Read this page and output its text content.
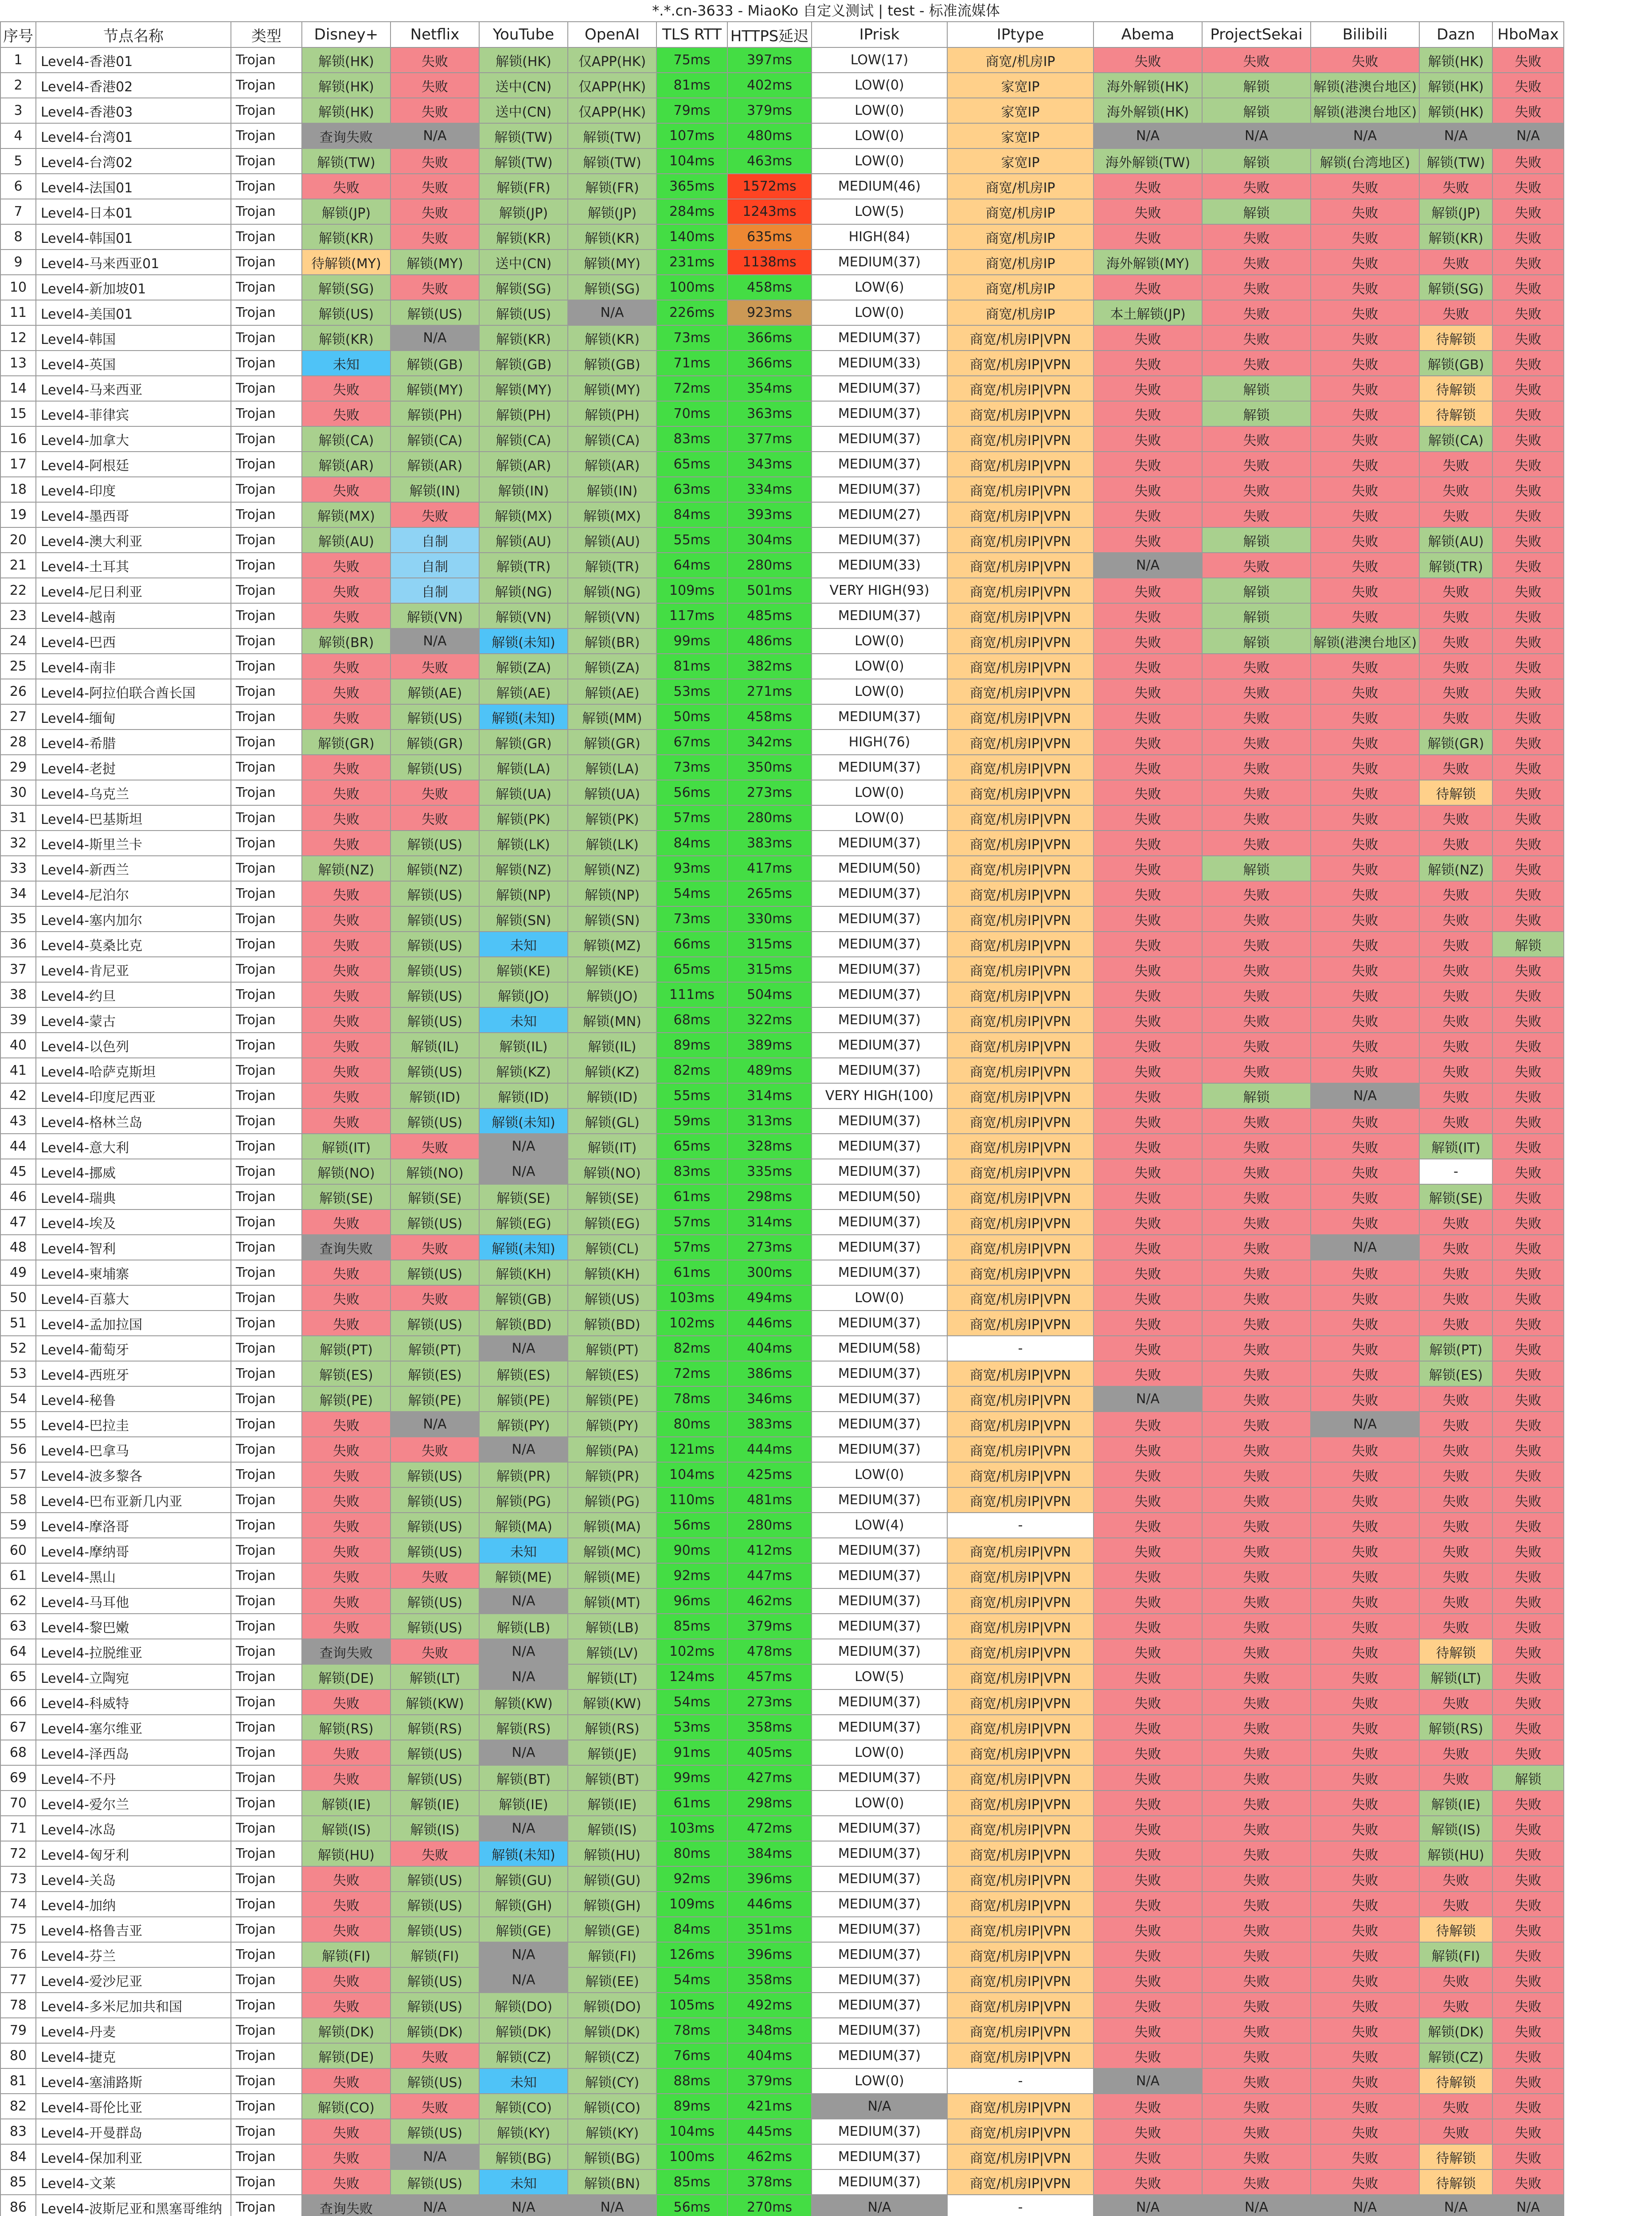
*.*.cn-3633 - MiaoKo 自定义测试 | test - 标准流媒体
序号	节点名称	类型	Disney+	Netflix	YouTube	OpenAI	TLS RTT	HTTPS延迟	IPrisk	IPtype	Abema	ProjectSekai	Bilibili	Dazn	HboMax
1	Level4-香港01	Trojan	解锁(HK)	失败	解锁(HK)	仅APP(HK)	75ms	397ms	LOW(17)	商宽/机房IP	失败	失败	失败	解锁(HK)	失败
2	Level4-香港02	Trojan	解锁(HK)	失败	送中(CN)	仅APP(HK)	81ms	402ms	LOW(0)	家宽IP	海外解锁(HK)	解锁	解锁(港澳台地区)	解锁(HK)	失败
3	Level4-香港03	Trojan	解锁(HK)	失败	送中(CN)	仅APP(HK)	79ms	379ms	LOW(0)	家宽IP	海外解锁(HK)	解锁	解锁(港澳台地区)	解锁(HK)	失败
4	Level4-台湾01	Trojan	查询失败	N/A	解锁(TW)	解锁(TW)	107ms	480ms	LOW(0)	家宽IP	N/A	N/A	N/A	N/A	N/A
5	Level4-台湾02	Trojan	解锁(TW)	失败	解锁(TW)	解锁(TW)	104ms	463ms	LOW(0)	家宽IP	海外解锁(TW)	解锁	解锁(台湾地区)	解锁(TW)	失败
6	Level4-法国01	Trojan	失败	失败	解锁(FR)	解锁(FR)	365ms	1572ms	MEDIUM(46)	商宽/机房IP	失败	失败	失败	失败	失败
7	Level4-日本01	Trojan	解锁(JP)	失败	解锁(JP)	解锁(JP)	284ms	1243ms	LOW(5)	商宽/机房IP	失败	解锁	失败	解锁(JP)	失败
8	Level4-韩国01	Trojan	解锁(KR)	失败	解锁(KR)	解锁(KR)	140ms	635ms	HIGH(84)	商宽/机房IP	失败	失败	失败	解锁(KR)	失败
9	Level4-马来西亚01	Trojan	待解锁(MY)	解锁(MY)	送中(CN)	解锁(MY)	231ms	1138ms	MEDIUM(37)	商宽/机房IP	海外解锁(MY)	失败	失败	失败	失败
10	Level4-新加坡01	Trojan	解锁(SG)	失败	解锁(SG)	解锁(SG)	100ms	458ms	LOW(6)	商宽/机房IP	失败	失败	失败	解锁(SG)	失败
11	Level4-美国01	Trojan	解锁(US)	解锁(US)	解锁(US)	N/A	226ms	923ms	LOW(0)	商宽/机房IP	本土解锁(JP)	失败	失败	失败	失败
12	Level4-韩国	Trojan	解锁(KR)	N/A	解锁(KR)	解锁(KR)	73ms	366ms	MEDIUM(37)	商宽/机房IP|VPN	失败	失败	失败	待解锁	失败
13	Level4-英国	Trojan	未知	解锁(GB)	解锁(GB)	解锁(GB)	71ms	366ms	MEDIUM(33)	商宽/机房IP|VPN	失败	失败	失败	解锁(GB)	失败
14	Level4-马来西亚	Trojan	失败	解锁(MY)	解锁(MY)	解锁(MY)	72ms	354ms	MEDIUM(37)	商宽/机房IP|VPN	失败	解锁	失败	待解锁	失败
15	Level4-菲律宾	Trojan	失败	解锁(PH)	解锁(PH)	解锁(PH)	70ms	363ms	MEDIUM(37)	商宽/机房IP|VPN	失败	解锁	失败	待解锁	失败
16	Level4-加拿大	Trojan	解锁(CA)	解锁(CA)	解锁(CA)	解锁(CA)	83ms	377ms	MEDIUM(37)	商宽/机房IP|VPN	失败	失败	失败	解锁(CA)	失败
17	Level4-阿根廷	Trojan	解锁(AR)	解锁(AR)	解锁(AR)	解锁(AR)	65ms	343ms	MEDIUM(37)	商宽/机房IP|VPN	失败	失败	失败	失败	失败
18	Level4-印度	Trojan	失败	解锁(IN)	解锁(IN)	解锁(IN)	63ms	334ms	MEDIUM(37)	商宽/机房IP|VPN	失败	失败	失败	失败	失败
19	Level4-墨西哥	Trojan	解锁(MX)	失败	解锁(MX)	解锁(MX)	84ms	393ms	MEDIUM(27)	商宽/机房IP|VPN	失败	失败	失败	失败	失败
20	Level4-澳大利亚	Trojan	解锁(AU)	自制	解锁(AU)	解锁(AU)	55ms	304ms	MEDIUM(37)	商宽/机房IP|VPN	失败	解锁	失败	解锁(AU)	失败
21	Level4-土耳其	Trojan	失败	自制	解锁(TR)	解锁(TR)	64ms	280ms	MEDIUM(33)	商宽/机房IP|VPN	N/A	失败	失败	解锁(TR)	失败
22	Level4-尼日利亚	Trojan	失败	自制	解锁(NG)	解锁(NG)	109ms	501ms	VERY HIGH(93)	商宽/机房IP|VPN	失败	解锁	失败	失败	失败
23	Level4-越南	Trojan	失败	解锁(VN)	解锁(VN)	解锁(VN)	117ms	485ms	MEDIUM(37)	商宽/机房IP|VPN	失败	解锁	失败	失败	失败
24	Level4-巴西	Trojan	解锁(BR)	N/A	解锁(未知)	解锁(BR)	99ms	486ms	LOW(0)	商宽/机房IP|VPN	失败	解锁	解锁(港澳台地区)	失败	失败
25	Level4-南非	Trojan	失败	失败	解锁(ZA)	解锁(ZA)	81ms	382ms	LOW(0)	商宽/机房IP|VPN	失败	失败	失败	失败	失败
26	Level4-阿拉伯联合酋长国	Trojan	失败	解锁(AE)	解锁(AE)	解锁(AE)	53ms	271ms	LOW(0)	商宽/机房IP|VPN	失败	失败	失败	失败	失败
27	Level4-缅甸	Trojan	失败	解锁(US)	解锁(未知)	解锁(MM)	50ms	458ms	MEDIUM(37)	商宽/机房IP|VPN	失败	失败	失败	失败	失败
28	Level4-希腊	Trojan	解锁(GR)	解锁(GR)	解锁(GR)	解锁(GR)	67ms	342ms	HIGH(76)	商宽/机房IP|VPN	失败	失败	失败	解锁(GR)	失败
29	Level4-老挝	Trojan	失败	解锁(US)	解锁(LA)	解锁(LA)	73ms	350ms	MEDIUM(37)	商宽/机房IP|VPN	失败	失败	失败	失败	失败
30	Level4-乌克兰	Trojan	失败	失败	解锁(UA)	解锁(UA)	56ms	273ms	LOW(0)	商宽/机房IP|VPN	失败	失败	失败	待解锁	失败
31	Level4-巴基斯坦	Trojan	失败	失败	解锁(PK)	解锁(PK)	57ms	280ms	LOW(0)	商宽/机房IP|VPN	失败	失败	失败	失败	失败
32	Level4-斯里兰卡	Trojan	失败	解锁(US)	解锁(LK)	解锁(LK)	84ms	383ms	MEDIUM(37)	商宽/机房IP|VPN	失败	失败	失败	失败	失败
33	Level4-新西兰	Trojan	解锁(NZ)	解锁(NZ)	解锁(NZ)	解锁(NZ)	93ms	417ms	MEDIUM(50)	商宽/机房IP|VPN	失败	解锁	失败	解锁(NZ)	失败
34	Level4-尼泊尔	Trojan	失败	解锁(US)	解锁(NP)	解锁(NP)	54ms	265ms	MEDIUM(37)	商宽/机房IP|VPN	失败	失败	失败	失败	失败
35	Level4-塞内加尔	Trojan	失败	解锁(US)	解锁(SN)	解锁(SN)	73ms	330ms	MEDIUM(37)	商宽/机房IP|VPN	失败	失败	失败	失败	失败
36	Level4-莫桑比克	Trojan	失败	解锁(US)	未知	解锁(MZ)	66ms	315ms	MEDIUM(37)	商宽/机房IP|VPN	失败	失败	失败	失败	解锁
37	Level4-肯尼亚	Trojan	失败	解锁(US)	解锁(KE)	解锁(KE)	65ms	315ms	MEDIUM(37)	商宽/机房IP|VPN	失败	失败	失败	失败	失败
38	Level4-约旦	Trojan	失败	解锁(US)	解锁(JO)	解锁(JO)	111ms	504ms	MEDIUM(37)	商宽/机房IP|VPN	失败	失败	失败	失败	失败
39	Level4-蒙古	Trojan	失败	解锁(US)	未知	解锁(MN)	68ms	322ms	MEDIUM(37)	商宽/机房IP|VPN	失败	失败	失败	失败	失败
40	Level4-以色列	Trojan	失败	解锁(IL)	解锁(IL)	解锁(IL)	89ms	389ms	MEDIUM(37)	商宽/机房IP|VPN	失败	失败	失败	失败	失败
41	Level4-哈萨克斯坦	Trojan	失败	解锁(US)	解锁(KZ)	解锁(KZ)	82ms	489ms	MEDIUM(37)	商宽/机房IP|VPN	失败	失败	失败	失败	失败
42	Level4-印度尼西亚	Trojan	失败	解锁(ID)	解锁(ID)	解锁(ID)	55ms	314ms	VERY HIGH(100)	商宽/机房IP|VPN	失败	解锁	N/A	失败	失败
43	Level4-格林兰岛	Trojan	失败	解锁(US)	解锁(未知)	解锁(GL)	59ms	313ms	MEDIUM(37)	商宽/机房IP|VPN	失败	失败	失败	失败	失败
44	Level4-意大利	Trojan	解锁(IT)	失败	N/A	解锁(IT)	65ms	328ms	MEDIUM(37)	商宽/机房IP|VPN	失败	失败	失败	解锁(IT)	失败
45	Level4-挪威	Trojan	解锁(NO)	解锁(NO)	N/A	解锁(NO)	83ms	335ms	MEDIUM(37)	商宽/机房IP|VPN	失败	失败	失败	-	失败
46	Level4-瑞典	Trojan	解锁(SE)	解锁(SE)	解锁(SE)	解锁(SE)	61ms	298ms	MEDIUM(50)	商宽/机房IP|VPN	失败	失败	失败	解锁(SE)	失败
47	Level4-埃及	Trojan	失败	解锁(US)	解锁(EG)	解锁(EG)	57ms	314ms	MEDIUM(37)	商宽/机房IP|VPN	失败	失败	失败	失败	失败
48	Level4-智利	Trojan	查询失败	失败	解锁(未知)	解锁(CL)	57ms	273ms	MEDIUM(37)	商宽/机房IP|VPN	失败	失败	N/A	失败	失败
49	Level4-柬埔寨	Trojan	失败	解锁(US)	解锁(KH)	解锁(KH)	61ms	300ms	MEDIUM(37)	商宽/机房IP|VPN	失败	失败	失败	失败	失败
50	Level4-百慕大	Trojan	失败	失败	解锁(GB)	解锁(US)	103ms	494ms	LOW(0)	商宽/机房IP|VPN	失败	失败	失败	失败	失败
51	Level4-孟加拉国	Trojan	失败	解锁(US)	解锁(BD)	解锁(BD)	102ms	446ms	MEDIUM(37)	商宽/机房IP|VPN	失败	失败	失败	失败	失败
52	Level4-葡萄牙	Trojan	解锁(PT)	解锁(PT)	N/A	解锁(PT)	82ms	404ms	MEDIUM(58)	-	失败	失败	失败	解锁(PT)	失败
53	Level4-西班牙	Trojan	解锁(ES)	解锁(ES)	解锁(ES)	解锁(ES)	72ms	386ms	MEDIUM(37)	商宽/机房IP|VPN	失败	失败	失败	解锁(ES)	失败
54	Level4-秘鲁	Trojan	解锁(PE)	解锁(PE)	解锁(PE)	解锁(PE)	78ms	346ms	MEDIUM(37)	商宽/机房IP|VPN	N/A	失败	失败	失败	失败
55	Level4-巴拉圭	Trojan	失败	N/A	解锁(PY)	解锁(PY)	80ms	383ms	MEDIUM(37)	商宽/机房IP|VPN	失败	失败	N/A	失败	失败
56	Level4-巴拿马	Trojan	失败	失败	N/A	解锁(PA)	121ms	444ms	MEDIUM(37)	商宽/机房IP|VPN	失败	失败	失败	失败	失败
57	Level4-波多黎各	Trojan	失败	解锁(US)	解锁(PR)	解锁(PR)	104ms	425ms	LOW(0)	商宽/机房IP|VPN	失败	失败	失败	失败	失败
58	Level4-巴布亚新几内亚	Trojan	失败	解锁(US)	解锁(PG)	解锁(PG)	110ms	481ms	MEDIUM(37)	商宽/机房IP|VPN	失败	失败	失败	失败	失败
59	Level4-摩洛哥	Trojan	失败	解锁(US)	解锁(MA)	解锁(MA)	56ms	280ms	LOW(4)	-	失败	失败	失败	失败	失败
60	Level4-摩纳哥	Trojan	失败	解锁(US)	未知	解锁(MC)	90ms	412ms	MEDIUM(37)	商宽/机房IP|VPN	失败	失败	失败	失败	失败
61	Level4-黑山	Trojan	失败	失败	解锁(ME)	解锁(ME)	92ms	447ms	MEDIUM(37)	商宽/机房IP|VPN	失败	失败	失败	失败	失败
62	Level4-马耳他	Trojan	失败	解锁(US)	N/A	解锁(MT)	96ms	462ms	MEDIUM(37)	商宽/机房IP|VPN	失败	失败	失败	失败	失败
63	Level4-黎巴嫩	Trojan	失败	解锁(US)	解锁(LB)	解锁(LB)	85ms	379ms	MEDIUM(37)	商宽/机房IP|VPN	失败	失败	失败	失败	失败
64	Level4-拉脱维亚	Trojan	查询失败	失败	N/A	解锁(LV)	102ms	478ms	MEDIUM(37)	商宽/机房IP|VPN	失败	失败	失败	待解锁	失败
65	Level4-立陶宛	Trojan	解锁(DE)	解锁(LT)	N/A	解锁(LT)	124ms	457ms	LOW(5)	商宽/机房IP|VPN	失败	失败	失败	解锁(LT)	失败
66	Level4-科威特	Trojan	失败	解锁(KW)	解锁(KW)	解锁(KW)	54ms	273ms	MEDIUM(37)	商宽/机房IP|VPN	失败	失败	失败	失败	失败
67	Level4-塞尔维亚	Trojan	解锁(RS)	解锁(RS)	解锁(RS)	解锁(RS)	53ms	358ms	MEDIUM(37)	商宽/机房IP|VPN	失败	失败	失败	解锁(RS)	失败
68	Level4-泽西岛	Trojan	失败	解锁(US)	N/A	解锁(JE)	91ms	405ms	LOW(0)	商宽/机房IP|VPN	失败	失败	失败	失败	失败
69	Level4-不丹	Trojan	失败	解锁(US)	解锁(BT)	解锁(BT)	99ms	427ms	MEDIUM(37)	商宽/机房IP|VPN	失败	失败	失败	失败	解锁
70	Level4-爱尔兰	Trojan	解锁(IE)	解锁(IE)	解锁(IE)	解锁(IE)	61ms	298ms	LOW(0)	商宽/机房IP|VPN	失败	失败	失败	解锁(IE)	失败
71	Level4-冰岛	Trojan	解锁(IS)	解锁(IS)	N/A	解锁(IS)	103ms	472ms	MEDIUM(37)	商宽/机房IP|VPN	失败	失败	失败	解锁(IS)	失败
72	Level4-匈牙利	Trojan	解锁(HU)	失败	解锁(未知)	解锁(HU)	80ms	384ms	MEDIUM(37)	商宽/机房IP|VPN	失败	失败	失败	解锁(HU)	失败
73	Level4-关岛	Trojan	失败	解锁(US)	解锁(GU)	解锁(GU)	92ms	396ms	MEDIUM(37)	商宽/机房IP|VPN	失败	失败	失败	失败	失败
74	Level4-加纳	Trojan	失败	解锁(US)	解锁(GH)	解锁(GH)	109ms	446ms	MEDIUM(37)	商宽/机房IP|VPN	失败	失败	失败	失败	失败
75	Level4-格鲁吉亚	Trojan	失败	解锁(US)	解锁(GE)	解锁(GE)	84ms	351ms	MEDIUM(37)	商宽/机房IP|VPN	失败	失败	失败	待解锁	失败
76	Level4-芬兰	Trojan	解锁(FI)	解锁(FI)	N/A	解锁(FI)	126ms	396ms	MEDIUM(37)	商宽/机房IP|VPN	失败	失败	失败	解锁(FI)	失败
77	Level4-爱沙尼亚	Trojan	失败	解锁(US)	N/A	解锁(EE)	54ms	358ms	MEDIUM(37)	商宽/机房IP|VPN	失败	失败	失败	失败	失败
78	Level4-多米尼加共和国	Trojan	失败	解锁(US)	解锁(DO)	解锁(DO)	105ms	492ms	MEDIUM(37)	商宽/机房IP|VPN	失败	失败	失败	失败	失败
79	Level4-丹麦	Trojan	解锁(DK)	解锁(DK)	解锁(DK)	解锁(DK)	78ms	348ms	MEDIUM(37)	商宽/机房IP|VPN	失败	失败	失败	解锁(DK)	失败
80	Level4-捷克	Trojan	解锁(DE)	失败	解锁(CZ)	解锁(CZ)	76ms	404ms	MEDIUM(37)	商宽/机房IP|VPN	失败	失败	失败	解锁(CZ)	失败
81	Level4-塞浦路斯	Trojan	失败	解锁(US)	未知	解锁(CY)	88ms	379ms	LOW(0)	-	N/A	失败	失败	待解锁	失败
82	Level4-哥伦比亚	Trojan	解锁(CO)	失败	解锁(CO)	解锁(CO)	89ms	421ms	N/A	商宽/机房IP|VPN	失败	失败	失败	失败	失败
83	Level4-开曼群岛	Trojan	失败	解锁(US)	解锁(KY)	解锁(KY)	104ms	445ms	MEDIUM(37)	商宽/机房IP|VPN	失败	失败	失败	失败	失败
84	Level4-保加利亚	Trojan	失败	N/A	解锁(BG)	解锁(BG)	100ms	462ms	MEDIUM(37)	商宽/机房IP|VPN	失败	失败	失败	待解锁	失败
85	Level4-文莱	Trojan	失败	解锁(US)	未知	解锁(BN)	85ms	378ms	MEDIUM(37)	商宽/机房IP|VPN	失败	失败	失败	待解锁	失败
86	Level4-波斯尼亚和黑塞哥维纳	Trojan	查询失败	N/A	N/A	N/A	56ms	270ms	N/A	-	N/A	N/A	N/A	N/A	N/A
